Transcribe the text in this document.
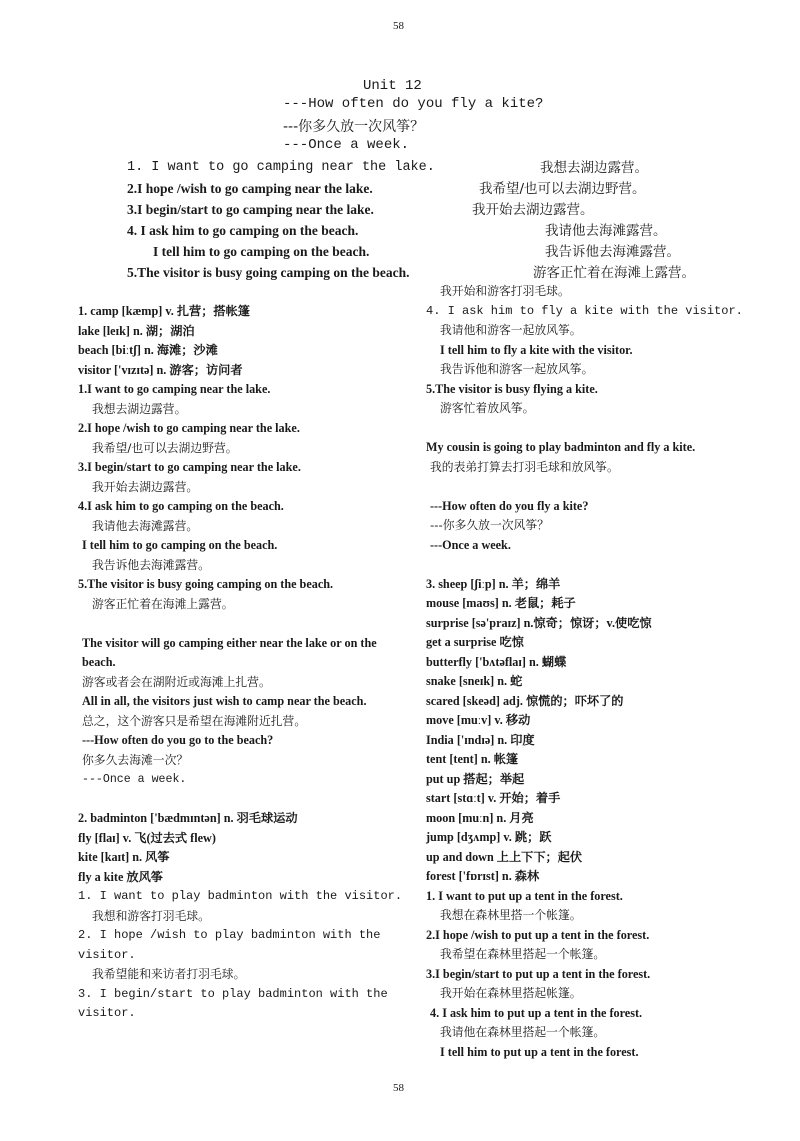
58
Unit 12
---How often do you fly a kite?
---你多久放一次风筝？
---Once a week.
1. I want to go camping near the lake.	我想去湖边露营。
2.I hope /wish to go camping near the lake.	我希望/也可以去湖边野营。
3.I begin/start to go camping near the lake.	我开始去湖边露营。
4. I ask him to go camping on the beach.	我请他去海滩露营。
I tell him to go camping on the beach.	我告诉他去海滩露营。
5.The visitor is busy going camping on the beach.	游客正忙着在海滩上露营。
1. camp [kæmp] v. 扎营；搭帐篷
lake [leɪk] n. 湖；湖泊
beach [biːtʃ] n. 海滩；沙滩
visitor ['vɪzɪtə] n. 游客；访问者
1.I want to go camping near the lake.
我想去湖边露营。
2.I hope /wish to go camping near the lake.
我希望/也可以去湖边野营。
3.I begin/start to go camping near the lake.
我开始去湖边露营。
4.I ask him to go camping on the beach.
我请他去海滩露营。
I tell him to go camping on the beach.
我告诉他去海滩露营。
5.The visitor is busy going camping on the beach.
游客正忙着在海滩上露营。
The visitor will go camping either near the lake or on the beach.
游客或者会在湖附近或海滩上扎营。
All in all, the visitors just wish to camp near the beach.
总之，这个游客只是希望在海滩附近扎营。
---How often do you go to the beach?
你多久去海滩一次？
---Once a week.
2. badminton ['bædmɪntən] n. 羽毛球运动
fly [flaɪ] v. 飞(过去式 flew)
kite [kaɪt] n. 风筝
fly a kite 放风筝
1. I want to play badminton with the visitor.
我想和游客打羽毛球。
2. I hope /wish to play badminton with the visitor.
我希望能和来访者打羽毛球。
3. I begin/start to play badminton with the visitor.
我开始和游客打羽毛球。
4. I ask him to fly a kite with the visitor.
我请他和游客一起放风筝。
I tell him to fly a kite with the visitor.
我告诉他和游客一起放风筝。
5.The visitor is busy flying a kite.
游客忙着放风筝。
My cousin is going to play badminton and fly a kite.
我的表弟打算去打羽毛球和放风筝。
---How often do you fly a kite?
---你多久放一次风筝？
---Once a week.
3. sheep [ʃiːp] n. 羊；绵羊
mouse [maʊs] n. 老鼠；耗子
surprise [sə'praɪz] n.惊奇；惊讶；v.使吃惊
get a surprise 吃惊
butterfly ['bʌtəflaɪ] n. 蝴蝶
snake [sneɪk] n. 蛇
scared [skeəd] adj. 惊慌的；吓坏了的
move [muːv] v. 移动
India ['ɪndɪə] n. 印度
tent [tent] n. 帐篷
put up 搭起；举起
start [stɑːt] v. 开始；着手
moon [muːn] n. 月亮
jump [dʒʌmp] v. 跳；跃
up and down 上上下下；起伏
forest ['fɒrɪst] n. 森林
1. I want to put up a tent in the forest.
我想在森林里搭一个帐篷。
2.I hope /wish to put up a tent in the forest.
我希望在森林里搭起一个帐篷。
3.I begin/start to put up a tent in the forest.
我开始在森林里搭起帐篷。
4. I ask him to put up a tent in the forest.
我请他在森林里搭起一个帐篷。
I tell him to put up a tent in the forest.
58
